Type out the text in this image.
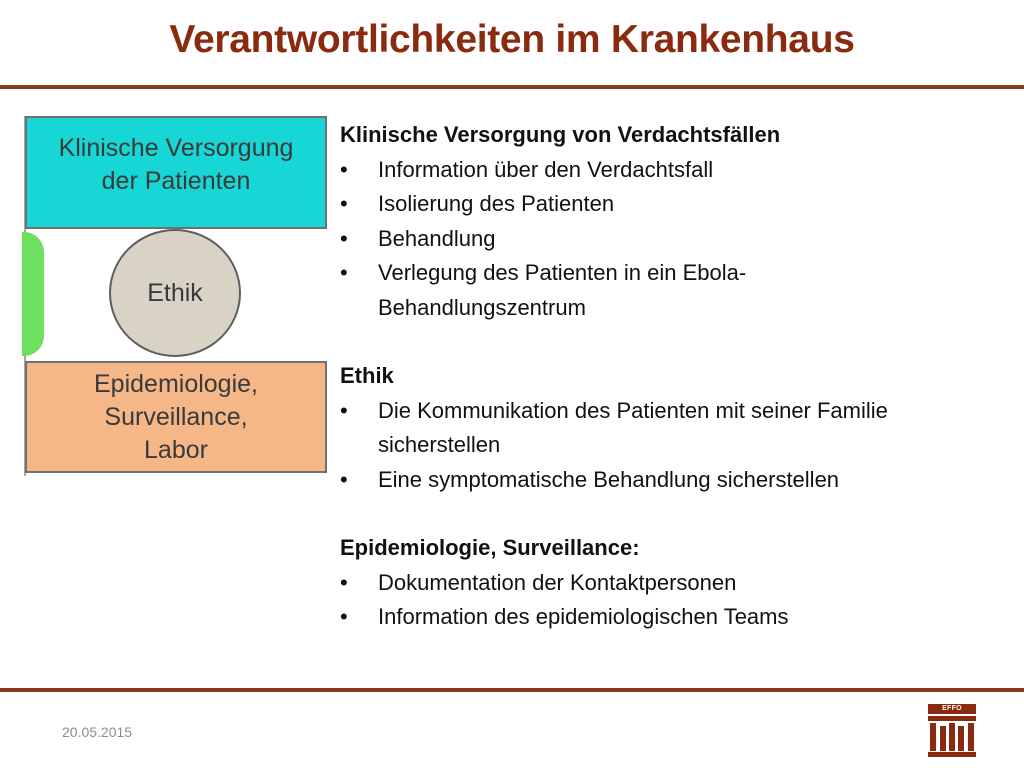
Verantwortlichkeiten im Krankenhaus
Klinische Versorgung der Patienten
Ethik
Epidemiologie, Surveillance, Labor

Klinische Versorgung von Verdachtsfällen

•	Information über den Verdachtsfall
•	Isolierung des Patienten
•	Behandlung
•	Verlegung des Patienten in ein Ebola-Behandlungszentrum

Ethik

•	Die Kommunikation des Patienten mit seiner Familie sicherstellen
•	Eine symptomatische Behandlung sicherstellen

Epidemiologie, Surveillance:

•	Dokumentation der Kontaktpersonen
•	Information des epidemiologischen Teams
20.05.2015
EFFO
